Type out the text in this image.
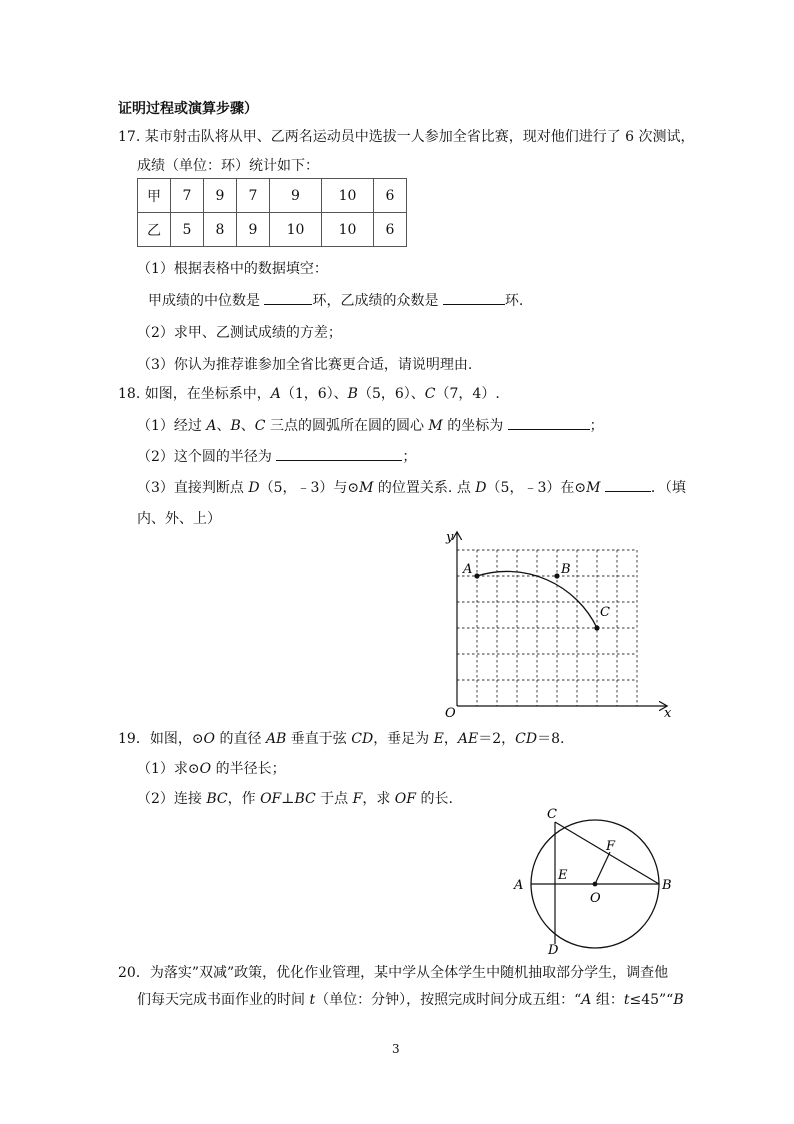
证明过程或演算步骤）
17. 某市射击队将从甲、乙两名运动员中选拔一人参加全省比赛，现对他们进行了 6 次测试，
成绩（单位：环）统计如下：
甲	7	9	7	9	10	6
乙	5	8	9	10	10	6
（1）根据表格中的数据填空：
甲成绩的中位数是	环，乙成绩的众数是	环.
（2）求甲、乙测试成绩的方差；
（3）你认为推荐谁参加全省比赛更合适，请说明理由.
18. 如图，在坐标系中，A（1，6）、B（5，6）、C（7，4）.
（1）经过 A、B、C 三点的圆弧所在圆的圆心 M 的坐标为	；
（2）这个圆的半径为	；
（3）直接判断点 D（5，﹣3）与⊙M 的位置关系. 点 D（5，﹣3）在⊙M	．（填
内、外、上）
y
x
O
A	B
C
19．如图，⊙O 的直径 AB 垂直于弦 CD，垂足为 E，AE＝2，CD＝8.
（1）求⊙O 的半径长；
（2）连接 BC，作 OF⊥BC 于点 F，求 OF 的长.
C
F
A
E
O
B
D
20．为落实”双减”政策，优化作业管理，某中学从全体学生中随机抽取部分学生，调查他
们每天完成书面作业的时间 t（单位：分钟），按照完成时间分成五组：“A 组：t≤45”“B
3
